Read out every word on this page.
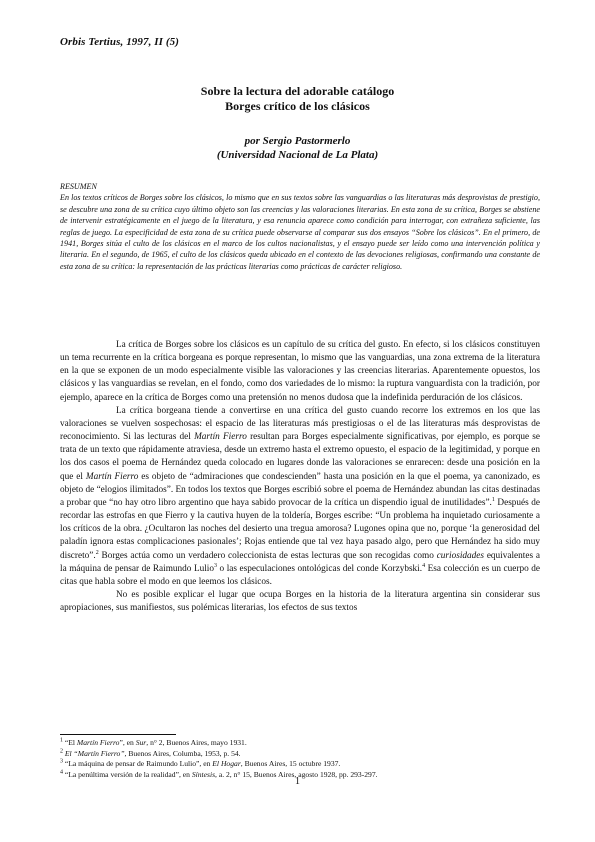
Orbis Tertius, 1997, II (5)
Sobre la lectura del adorable catálogo
Borges crítico de los clásicos
por Sergio Pastormerlo
(Universidad Nacional de La Plata)
RESUMEN
En los textos críticos de Borges sobre los clásicos, lo mismo que en sus textos sobre las vanguardias o las literaturas más desprovistas de prestigio, se descubre una zona de su crítica cuyo último objeto son las creencias y las valoraciones literarias. En esta zona de su crítica, Borges se abstiene de intervenir estratégicamente en el juego de la literatura, y esa renuncia aparece como condición para interrogar, con extrañeza suficiente, las reglas de juego. La especificidad de esta zona de su crítica puede observarse al comparar sus dos ensayos “Sobre los clásicos”. En el primero, de 1941, Borges sitúa el culto de los clásicos en el marco de los cultos nacionalistas, y el ensayo puede ser leído como una intervención política y literaria. En el segundo, de 1965, el culto de los clásicos queda ubicado en el contexto de las devociones religiosas, confirmando una constante de esta zona de su crítica: la representación de las prácticas literarias como prácticas de carácter religioso.

La crítica de Borges sobre los clásicos es un capítulo de su crítica del gusto. En efecto, si los clásicos constituyen un tema recurrente en la crítica borgeana es porque representan, lo mismo que las vanguardias, una zona extrema de la literatura en la que se exponen de un modo especialmente visible las valoraciones y las creencias literarias. Aparentemente opuestos, los clásicos y las vanguardias se revelan, en el fondo, como dos variedades de lo mismo: la ruptura vanguardista con la tradición, por ejemplo, aparece en la crítica de Borges como una pretensión no menos dudosa que la indefinida perduración de los clásicos.

La crítica borgeana tiende a convertirse en una crítica del gusto cuando recorre los extremos en los que las valoraciones se vuelven sospechosas: el espacio de las literaturas más prestigiosas o el de las literaturas más desprovistas de reconocimiento. Si las lecturas del Martín Fierro resultan para Borges especialmente significativas, por ejemplo, es porque se trata de un texto que rápidamente atraviesa, desde un extremo hasta el extremo opuesto, el espacio de la legitimidad, y porque en los dos casos el poema de Hernández queda colocado en lugares donde las valoraciones se enrarecen: desde una posición en la que el Martín Fierro es objeto de “admiraciones que condescienden” hasta una posición en la que el poema, ya canonizado, es objeto de “elogios ilimitados”. En todos los textos que Borges escribió sobre el poema de Hernández abundan las citas destinadas a probar que “no hay otro libro argentino que haya sabido provocar de la crítica un dispendio igual de inutilidades”.$^1$ Después de recordar las estrofas en que Fierro y la cautiva huyen de la toldería, Borges escribe: “Un problema ha inquietado curiosamente a los críticos de la obra. ¿Ocultaron las noches del desierto una tregua amorosa? Lugones opina que no, porque ‘la generosidad del paladín ignora estas complicaciones pasionales’; Rojas entiende que tal vez haya pasado algo, pero que Hernández ha sido muy discreto”.$^2$ Borges actúa como un verdadero coleccionista de estas lecturas que son recogidas como curiosidades equivalentes a la máquina de pensar de Raimundo Lulio$^3$ o las especulaciones ontológicas del conde Korzybski.$^4$ Esa colección es un cuerpo de citas que habla sobre el modo en que leemos los clásicos.

No es posible explicar el lugar que ocupa Borges en la historia de la literatura argentina sin considerar sus apropiaciones, sus manifiestos, sus polémicas literarias, los efectos de sus textos

$^1$ “El Martín Fierro”, en Sur, n° 2, Buenos Aires, mayo 1931.
$^2$ El “Martín Fierro”, Buenos Aires, Columba, 1953, p. 54.
$^3$ “La máquina de pensar de Raimundo Lulio”, en El Hogar, Buenos Aires, 15 octubre 1937.
$^4$ “La penúltima versión de la realidad”, en Síntesis, a. 2, n° 15, Buenos Aires, agosto 1928, pp. 293-297.
1
